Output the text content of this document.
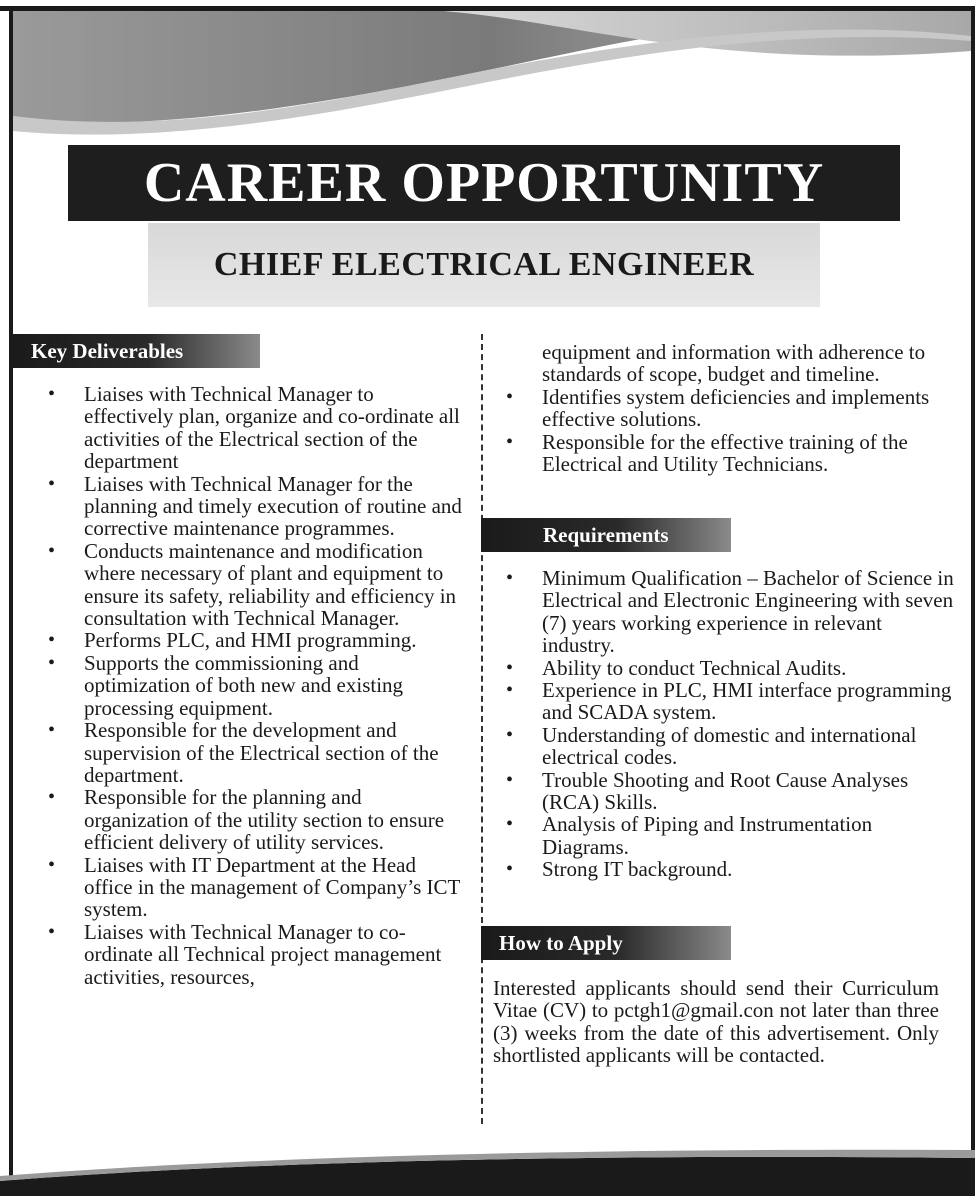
CAREER OPPORTUNITY
CHIEF ELECTRICAL ENGINEER
Key Deliverables
• Liaises with Technical Manager to effectively plan, organize and co-ordinate all activities of the Electrical section of the department
• Liaises with Technical Manager for the planning and timely execution of routine and corrective maintenance programmes.
• Conducts maintenance and modification where necessary of plant and equipment to ensure its safety, reliability and efficiency in consultation with Technical Manager.
• Performs PLC, and HMI programming.
• Supports the commissioning and optimization of both new and existing processing equipment.
• Responsible for the development and supervision of the Electrical section of the department.
• Responsible for the planning and organization of the utility section to ensure efficient delivery of utility services.
• Liaises with IT Department at the Head office in the management of Company’s ICT system.
• Liaises with Technical Manager to co-ordinate all Technical project management activities, resources,
equipment and information with adherence to standards of scope, budget and timeline.
• Identifies system deficiencies and implements effective solutions.
• Responsible for the effective training of the Electrical and Utility Technicians.
Requirements
• Minimum Qualification – Bachelor of Science in Electrical and Electronic Engineering with seven (7) years working experience in relevant industry.
• Ability to conduct Technical Audits.
• Experience in PLC, HMI interface programming and SCADA system.
• Understanding of domestic and international electrical codes.
• Trouble Shooting and Root Cause Analyses (RCA) Skills.
• Analysis of Piping and Instrumentation Diagrams.
• Strong IT background.
How to Apply

Interested applicants should send their Curriculum Vitae (CV) to pctgh1@gmail.con not later than three (3) weeks from the date of this advertisement. Only shortlisted applicants will be contacted.
